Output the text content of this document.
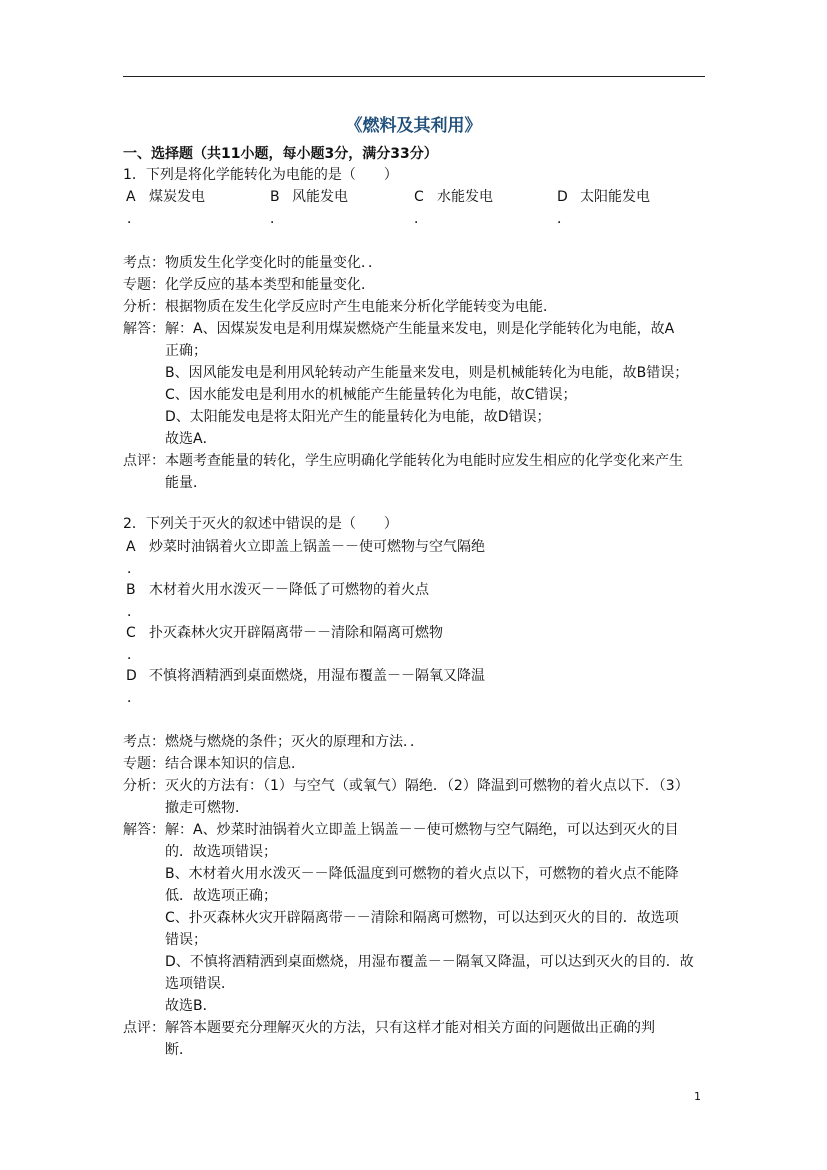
《燃料及其利用》
一、选择题（共11小题，每小题3分，满分33分）
1．下列是将化学能转化为电能的是（　　）
A 煤炭发电	B 风能发电	C 水能发电	D 太阳能发电
．	．	．	．
考点： 物质发生化学变化时的能量变化．．
专题： 化学反应的基本类型和能量变化．
分析： 根据物质在发生化学反应时产生电能来分析化学能转变为电能．
解答： 解：A、因煤炭发电是利用煤炭燃烧产生能量来发电，则是化学能转化为电能，故A
正确；
B、因风能发电是利用风轮转动产生能量来发电，则是机械能转化为电能，故B错误；
C、因水能发电是利用水的机械能产生能量转化为电能，故C错误；
D、太阳能发电是将太阳光产生的能量转化为电能，故D错误；
故选A．
点评： 本题考查能量的转化，学生应明确化学能转化为电能时应发生相应的化学变化来产生
能量．
2．下列关于灭火的叙述中错误的是（　　）
A 炒菜时油锅着火立即盖上锅盖－－使可燃物与空气隔绝
．
B 木材着火用水泼灭－－降低了可燃物的着火点
．
C 扑灭森林火灾开辟隔离带－－清除和隔离可燃物
．
D 不慎将酒精洒到桌面燃烧，用湿布覆盖－－隔氧又降温
．
考点： 燃烧与燃烧的条件；灭火的原理和方法．．
专题： 结合课本知识的信息．
分析： 灭火的方法有：（1）与空气（或氧气）隔绝．（2）降温到可燃物的着火点以下．（3）
撤走可燃物．
解答： 解：A、炒菜时油锅着火立即盖上锅盖－－使可燃物与空气隔绝，可以达到灭火的目
的．故选项错误；
B、木材着火用水泼灭－－降低温度到可燃物的着火点以下，可燃物的着火点不能降
低．故选项正确；
C、扑灭森林火灾开辟隔离带－－清除和隔离可燃物，可以达到灭火的目的．故选项
错误；
D、不慎将酒精洒到桌面燃烧，用湿布覆盖－－隔氧又降温，可以达到灭火的目的．故
选项错误．
故选B．
点评： 解答本题要充分理解灭火的方法，只有这样才能对相关方面的问题做出正确的判
断．
1
